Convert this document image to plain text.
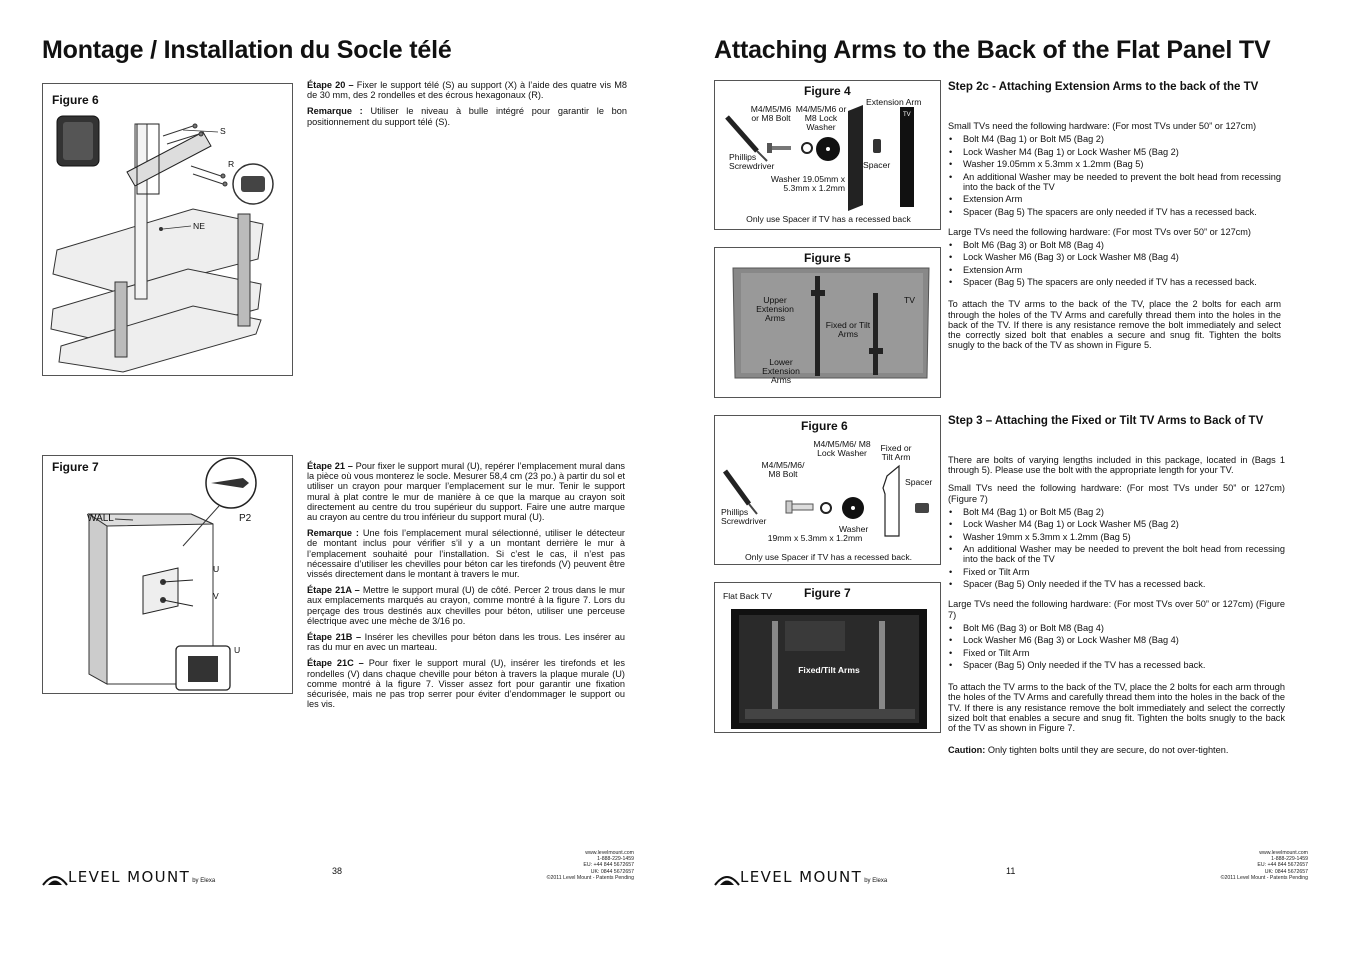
Montage / Installation du Socle télé
Figure 6
S
R
NE

Étape 20 – Fixer le support télé (S) au support (X) à l’aide des quatre vis M8 de 30 mm, des 2 rondelles et des écrous hexagonaux (R).

Remarque : Utiliser le niveau à bulle intégré pour garantir le bon positionnement du support télé (S).

Figure 7
WALL	P2
U
V
U

Étape 21 – Pour fixer le support mural (U), repérer l’emplacement mural dans la pièce où vous monterez le socle. Mesurer 58,4 cm (23 po.) à partir du sol et utiliser un crayon pour marquer l’emplacement sur le mur. Tenir le support mural à plat contre le mur de manière à ce que la marque au crayon soit directement au centre du trou supérieur du support. Faire une autre marque au crayon au centre du trou inférieur du support mural (U).

Remarque : Une fois l’emplacement mural sélectionné, utiliser le détecteur de montant inclus pour vérifier s’il y a un montant derrière le mur à l’emplacement souhaité pour l’installation. Si c’est le cas, il n’est pas nécessaire d’utiliser les chevilles pour béton car les tirefonds (V) peuvent être vissés directement dans le montant à travers le mur.

Étape 21A – Mettre le support mural (U) de côté. Percer 2 trous dans le mur aux emplacements marqués au crayon, comme montré à la figure 7. Lors du perçage des trous destinés aux chevilles pour béton, utiliser une perceuse électrique avec une mèche de 3/16 po.

Étape 21B – Insérer les chevilles pour béton dans les trous. Les insérer au ras du mur en avec un marteau.

Étape 21C – Pour fixer le support mural (U), insérer les tirefonds et les rondelles (V) dans chaque cheville pour béton à travers la plaque murale (U) comme montré à la figure 7. Visser assez fort pour garantir une fixation sécurisée, mais ne pas trop serrer pour éviter d’endommager le support ou les vis.

LEVEL MOUNT by Elexa
38
www.levelmount.com
1-888-229-1459
EU: +44 844 5672657
UK: 0844 5672657
©2011 Level Mount - Patents Pending
Attaching Arms to the Back of the Flat Panel TV
Figure 4
M4/M5/M6 or M8 Bolt
M4/M5/M6 or M8 Lock Washer
Extension Arm
TV
Phillips Screwdriver	Spacer
Washer 19.05mm x 5.3mm x 1.2mm
Only use Spacer if TV has a recessed back
Figure 5
Upper Extension Arms
Fixed or Tilt Arms
TV
Lower Extension Arms
Figure 6
M4/M5/M6/ M8 Lock Washer
M4/M5/M6/ M8 Bolt
Fixed or Tilt Arm
Spacer
Phillips Screwdriver
Washer
19mm x 5.3mm x 1.2mm
Only use Spacer if TV has a recessed back.
Figure 7
Flat Back TV
Fixed/Tilt Arms
Step 2c - Attaching Extension Arms to the back of the TV

Small TVs need the following hardware: (For most TVs under 50” or 127cm)

• Bolt M4 (Bag 1) or Bolt M5 (Bag 2)
• Lock Washer M4 (Bag 1) or Lock Washer M5 (Bag 2)
• Washer 19.05mm x 5.3mm x 1.2mm (Bag 5)
• An additional Washer may be needed to prevent the bolt head from recessing into the back of the TV
• Extension Arm
• Spacer (Bag 5) The spacers are only needed if TV has a recessed back.

Large TVs need the following hardware: (For most TVs over 50” or 127cm)

• Bolt M6 (Bag 3) or Bolt M8 (Bag 4)
• Lock Washer M6 (Bag 3) or Lock Washer M8 (Bag 4)
• Extension Arm
• Spacer (Bag 5) The spacers are only needed if TV has a recessed back.

To attach the TV arms to the back of the TV, place the 2 bolts for each arm through the holes of the TV Arms and carefully thread them into the holes in the back of the TV. If there is any resistance remove the bolt immediately and select the correctly sized bolt that enables a secure and snug fit. Tighten the bolts snugly to the back of the TV as shown in Figure 5.

Step 3 – Attaching the Fixed or Tilt TV Arms to Back of TV

There are bolts of varying lengths included in this package, located in (Bags 1 through 5). Please use the bolt with the appropriate length for your TV.

Small TVs need the following hardware: (For most TVs under 50” or 127cm) (Figure 7)

• Bolt M4 (Bag 1) or Bolt M5 (Bag 2)
• Lock Washer M4 (Bag 1) or Lock Washer M5 (Bag 2)
• Washer 19mm x 5.3mm x 1.2mm (Bag 5)
• An additional Washer may be needed to prevent the bolt head from recessing into the back of the TV
• Fixed or Tilt Arm
• Spacer (Bag 5) Only needed if the TV has a recessed back.

Large TVs need the following hardware: (For most TVs over 50” or 127cm) (Figure 7)

• Bolt M6 (Bag 3) or Bolt M8 (Bag 4)
• Lock Washer M6 (Bag 3) or Lock Washer M8 (Bag 4)
• Fixed or Tilt Arm
• Spacer (Bag 5) Only needed if the TV has a recessed back.

To attach the TV arms to the back of the TV, place the 2 bolts for each arm through the holes of the TV Arms and carefully thread them into the holes in the back of the TV. If there is any resistance remove the bolt immediately and select the correctly sized bolt that enables a secure and snug fit. Tighten the bolts snugly to the back of the TV as shown in Figure 7.

Caution: Only tighten bolts until they are secure, do not over-tighten.

LEVEL MOUNT by Elexa
11
www.levelmount.com
1-888-229-1459
EU: +44 844 5672657
UK: 0844 5672657
©2011 Level Mount - Patents Pending
